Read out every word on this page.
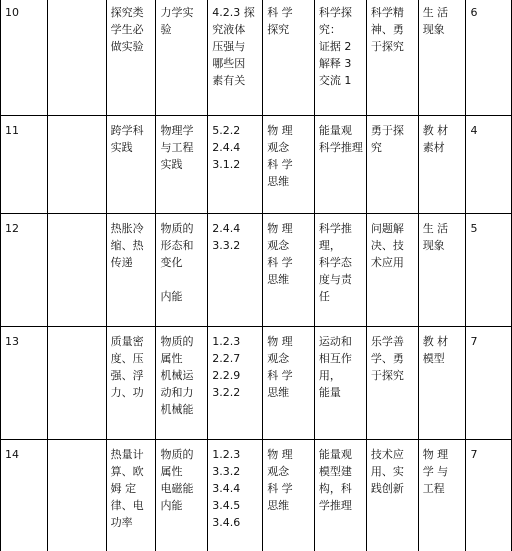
10		探究类
学生必
做实验	力学实
验	4.2.3 探
究液体
压强与
哪些因
素有关	科 学
探究	科学探
究：
证据 2
解释 3
交流 1	科学精
神、勇
于探究	生 活
现象	6
11		跨学科
实践	物理学
与工程
实践	5.2.2
2.4.4
3.1.2	物 理
观念
科 学
思维	能量观
科学推理	勇于探
究	教 材
素材	4
12		热胀冷
缩、热
传递	物质的
形态和
变化

内能	2.4.4
3.3.2	物 理
观念
科 学
思维	科学推
理，
科学态
度与责
任	问题解
决、技
术应用	生 活
现象	5
13		质量密
度、压
强、浮
力、功	物质的
属性
机械运
动和力
机械能	1.2.3
2.2.7
2.2.9
3.2.2	物 理
观念
科 学
思维	运动和
相互作
用，
能量	乐学善
学、勇
于探究	教 材
模型	7
14		热量计
算、欧
姆 定
律、电
功率	物质的
属性
电磁能
内能	1.2.3
3.3.2
3.4.4
3.4.5
3.4.6	物 理
观念
科 学
思维	能量观
模型建
构，科
学推理	技术应
用、实
践创新	物 理
学 与
工程	7
